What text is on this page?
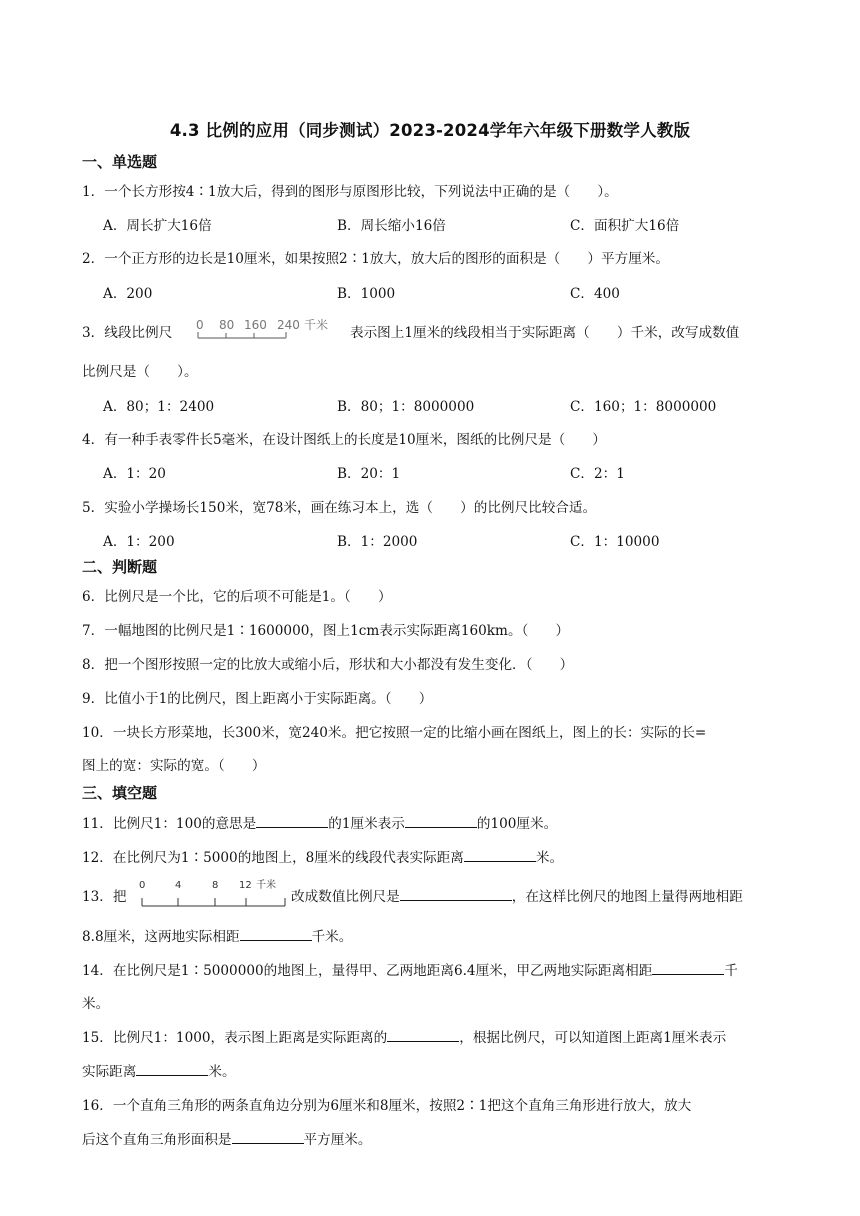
4.3 比例的应用（同步测试）2023-2024学年六年级下册数学人教版
一、单选题
1．一个长方形按4∶1放大后，得到的图形与原图形比较，下列说法中正确的是（　　）。
A．周长扩大16倍	B．周长缩小16倍	C．面积扩大16倍
2．一个正方形的边长是10厘米，如果按照2∶1放大，放大后的图形的面积是（　　）平方厘米。
A．200	B．1000	C．400
3．线段比例尺 0 80 160 240 千米 表示图上1厘米的线段相当于实际距离（　　）千米，改写成数值
比例尺是（　　）。
A．80；1：2400	B．80；1：8000000	C．160；1：8000000
4．有一种手表零件长5毫米，在设计图纸上的长度是10厘米，图纸的比例尺是（　　）
A．1：20	B．20：1	C．2：1
5．实验小学操场长150米，宽78米，画在练习本上，选（　　）的比例尺比较合适。
A．1：200	B．1：2000	C．1：10000
二、判断题
6．比例尺是一个比，它的后项不可能是1。（　　）
7．一幅地图的比例尺是1∶1600000，图上1cm表示实际距离160km。（　　）
8．把一个图形按照一定的比放大或缩小后，形状和大小都没有发生变化．（　　）
9．比值小于1的比例尺，图上距离小于实际距离。（　　）
10．一块长方形菜地，长300米，宽240米。把它按照一定的比缩小画在图纸上，图上的长：实际的长=
图上的宽：实际的宽。（　　）
三、填空题
11．比例尺1：100的意思是	的1厘米表示	的100厘米。
12．在比例尺为1∶5000的地图上，8厘米的线段代表实际距离	米。
13．把
0	4	8 12 千米
改成数值比例尺是	，在这样比例尺的地图上量得两地相距
8.8厘米，这两地实际相距	千米。
14．在比例尺是1∶5000000的地图上，量得甲、乙两地距离6.4厘米，甲乙两地实际距离相距	千
米。
15．比例尺1：1000，表示图上距离是实际距离的	，根据比例尺，可以知道图上距离1厘米表示
实际距离	米。
16．一个直角三角形的两条直角边分别为6厘米和8厘米，按照2∶1把这个直角三角形进行放大，放大
后这个直角三角形面积是	平方厘米。
